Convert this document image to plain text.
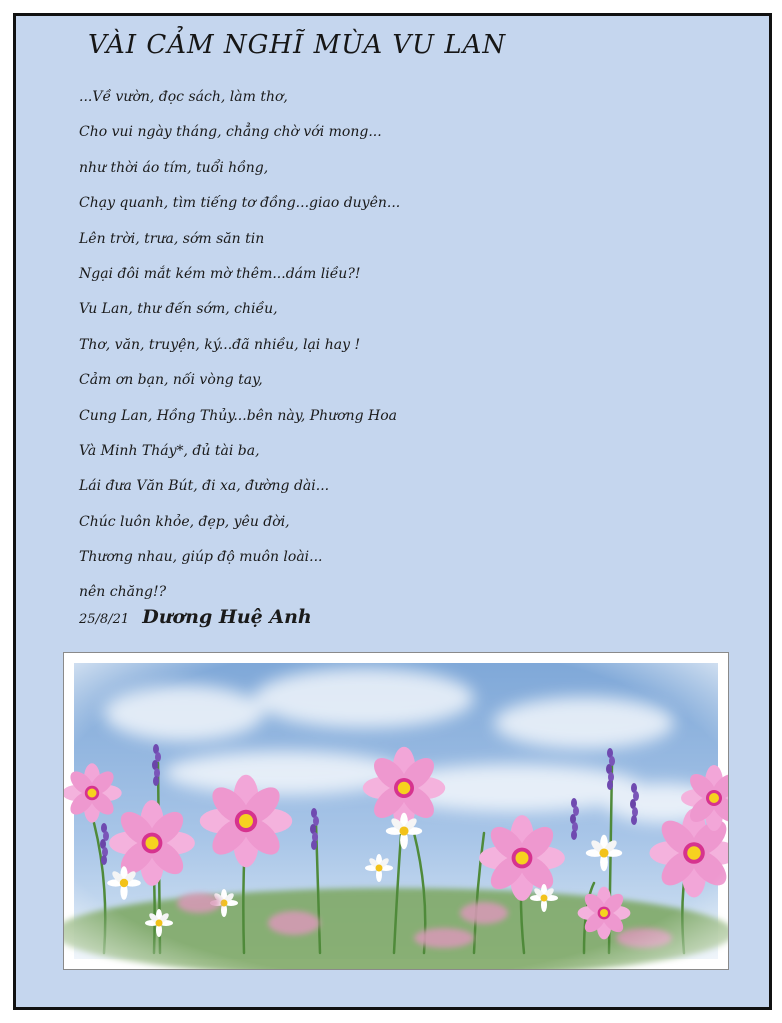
VÀI CẢM NGHĨ MÙA VU LAN
...Về vườn, đọc sách, làm thơ,
Cho vui ngày tháng, chẳng chờ với mong...
như thời áo tím, tuổi hồng,
Chạy quanh, tìm tiếng tơ đồng...giao duyên...
Lên trời, trưa, sớm săn tin
Ngại đôi mắt kém mờ thêm...dám liều?!
Vu Lan, thư đến sớm, chiều,
Thơ, văn, truyện, ký...đã nhiều, lại hay !
Cảm ơn bạn, nối vòng tay,
Cung Lan, Hồng Thủy...bên này, Phương Hoa
Và Minh Tháy*, đủ tài ba,
Lái đưa Văn Bút, đi xa, đường dài...
Chúc luôn khỏe, đẹp, yêu đời,
Thương nhau, giúp độ muôn loài...
nên chăng!?
25/8/21 Dương Huệ Anh
